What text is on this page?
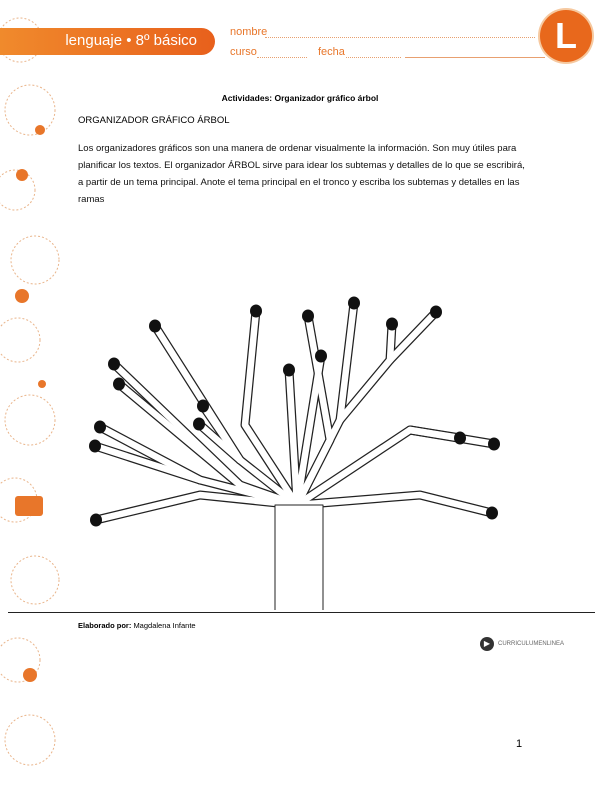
lenguaje • 8º básico	nombre
curso	fecha	L
Actividades: Organizador gráfico árbol
ORGANIZADOR GRÁFICO ÁRBOL

Los organizadores gráficos son una manera de ordenar visualmente la información. Son muy útiles para planificar los textos. El organizador ÁRBOL sirve para idear los subtemas y detalles de lo que se escribirá, a partir de un tema principal. Anote el tema principal en el tronco y escriba los subtemas y detalles en las ramas

Elaborado por: Magdalena Infante
▶	CURRICULUMENLINEA
1
